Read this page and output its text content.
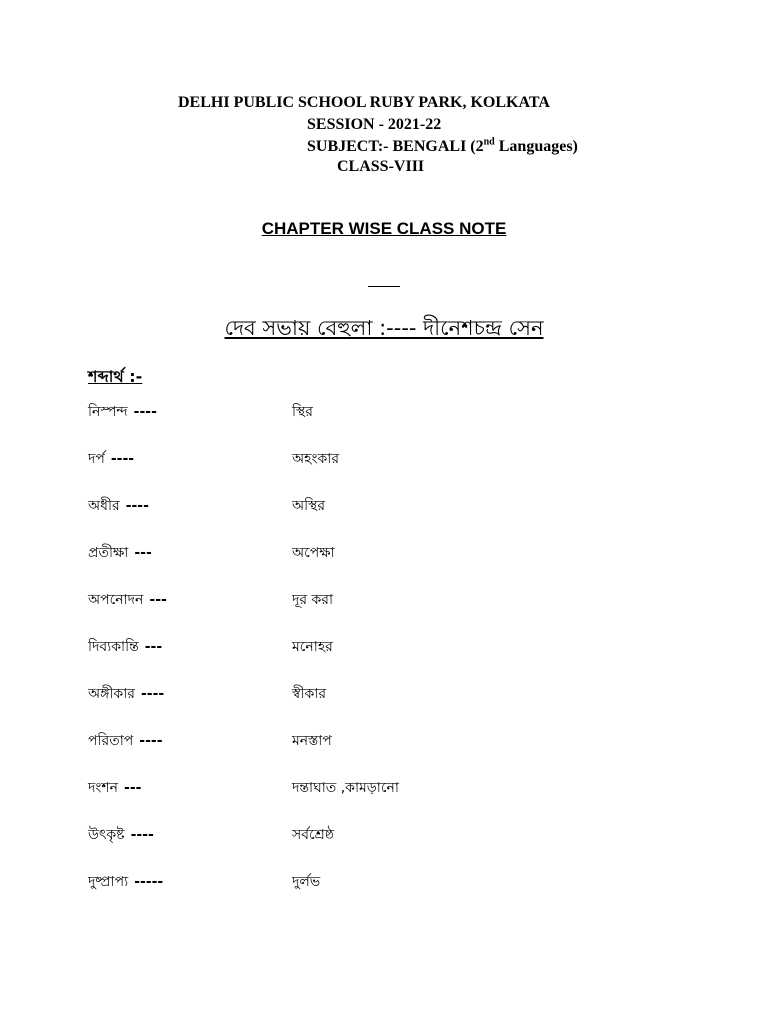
DELHI PUBLIC SCHOOL RUBY PARK, KOLKATA
SESSION - 2021-22
SUBJECT:- BENGALI (2nd Languages)
CLASS-VIII
CHAPTER WISE CLASS NOTE
দেব সভায় বেহুলা :---- দীনেশচন্দ্র সেন
শব্দার্থ :-
নিস্পন্দ ----	স্থির
দর্প ----	অহংকার
অধীর ----	অস্থির
প্রতীক্ষা ---	অপেক্ষা
অপনোদন ---	দূর করা
দিব্যকান্তি ---	মনোহর
অঙ্গীকার ----	স্বীকার
পরিতাপ ----	মনস্তাপ
দংশন ---	দন্তাঘাত ,কামড়ানো
উৎকৃষ্ট ----	সর্বশ্রেষ্ঠ
দুষ্প্রাপ্য -----	দুর্লভ
